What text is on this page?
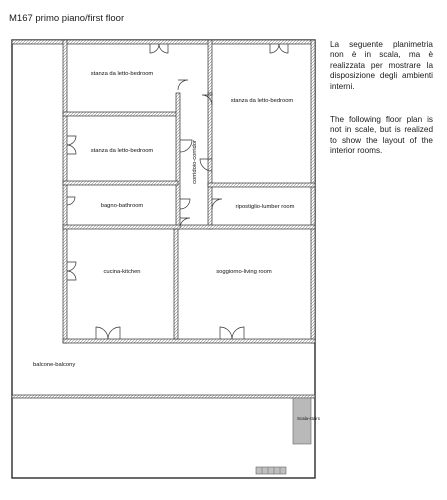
M167 primo piano/first floor
stanza da letto-bedroom
stanza da letto-bedroom
stanza da letto-bedroom	corridoio-corridor
bagno-bathroom	ripostiglio-lumber room
cucina-kitchen	soggiorno-living room
balcone-balcony
Scala-stairs
La seguente planimetria non è in scala, ma è realizzata per mostrare la disposizione degli ambienti interni.
The following floor plan is not in scale, but is realized to show the layout of the interior rooms.
